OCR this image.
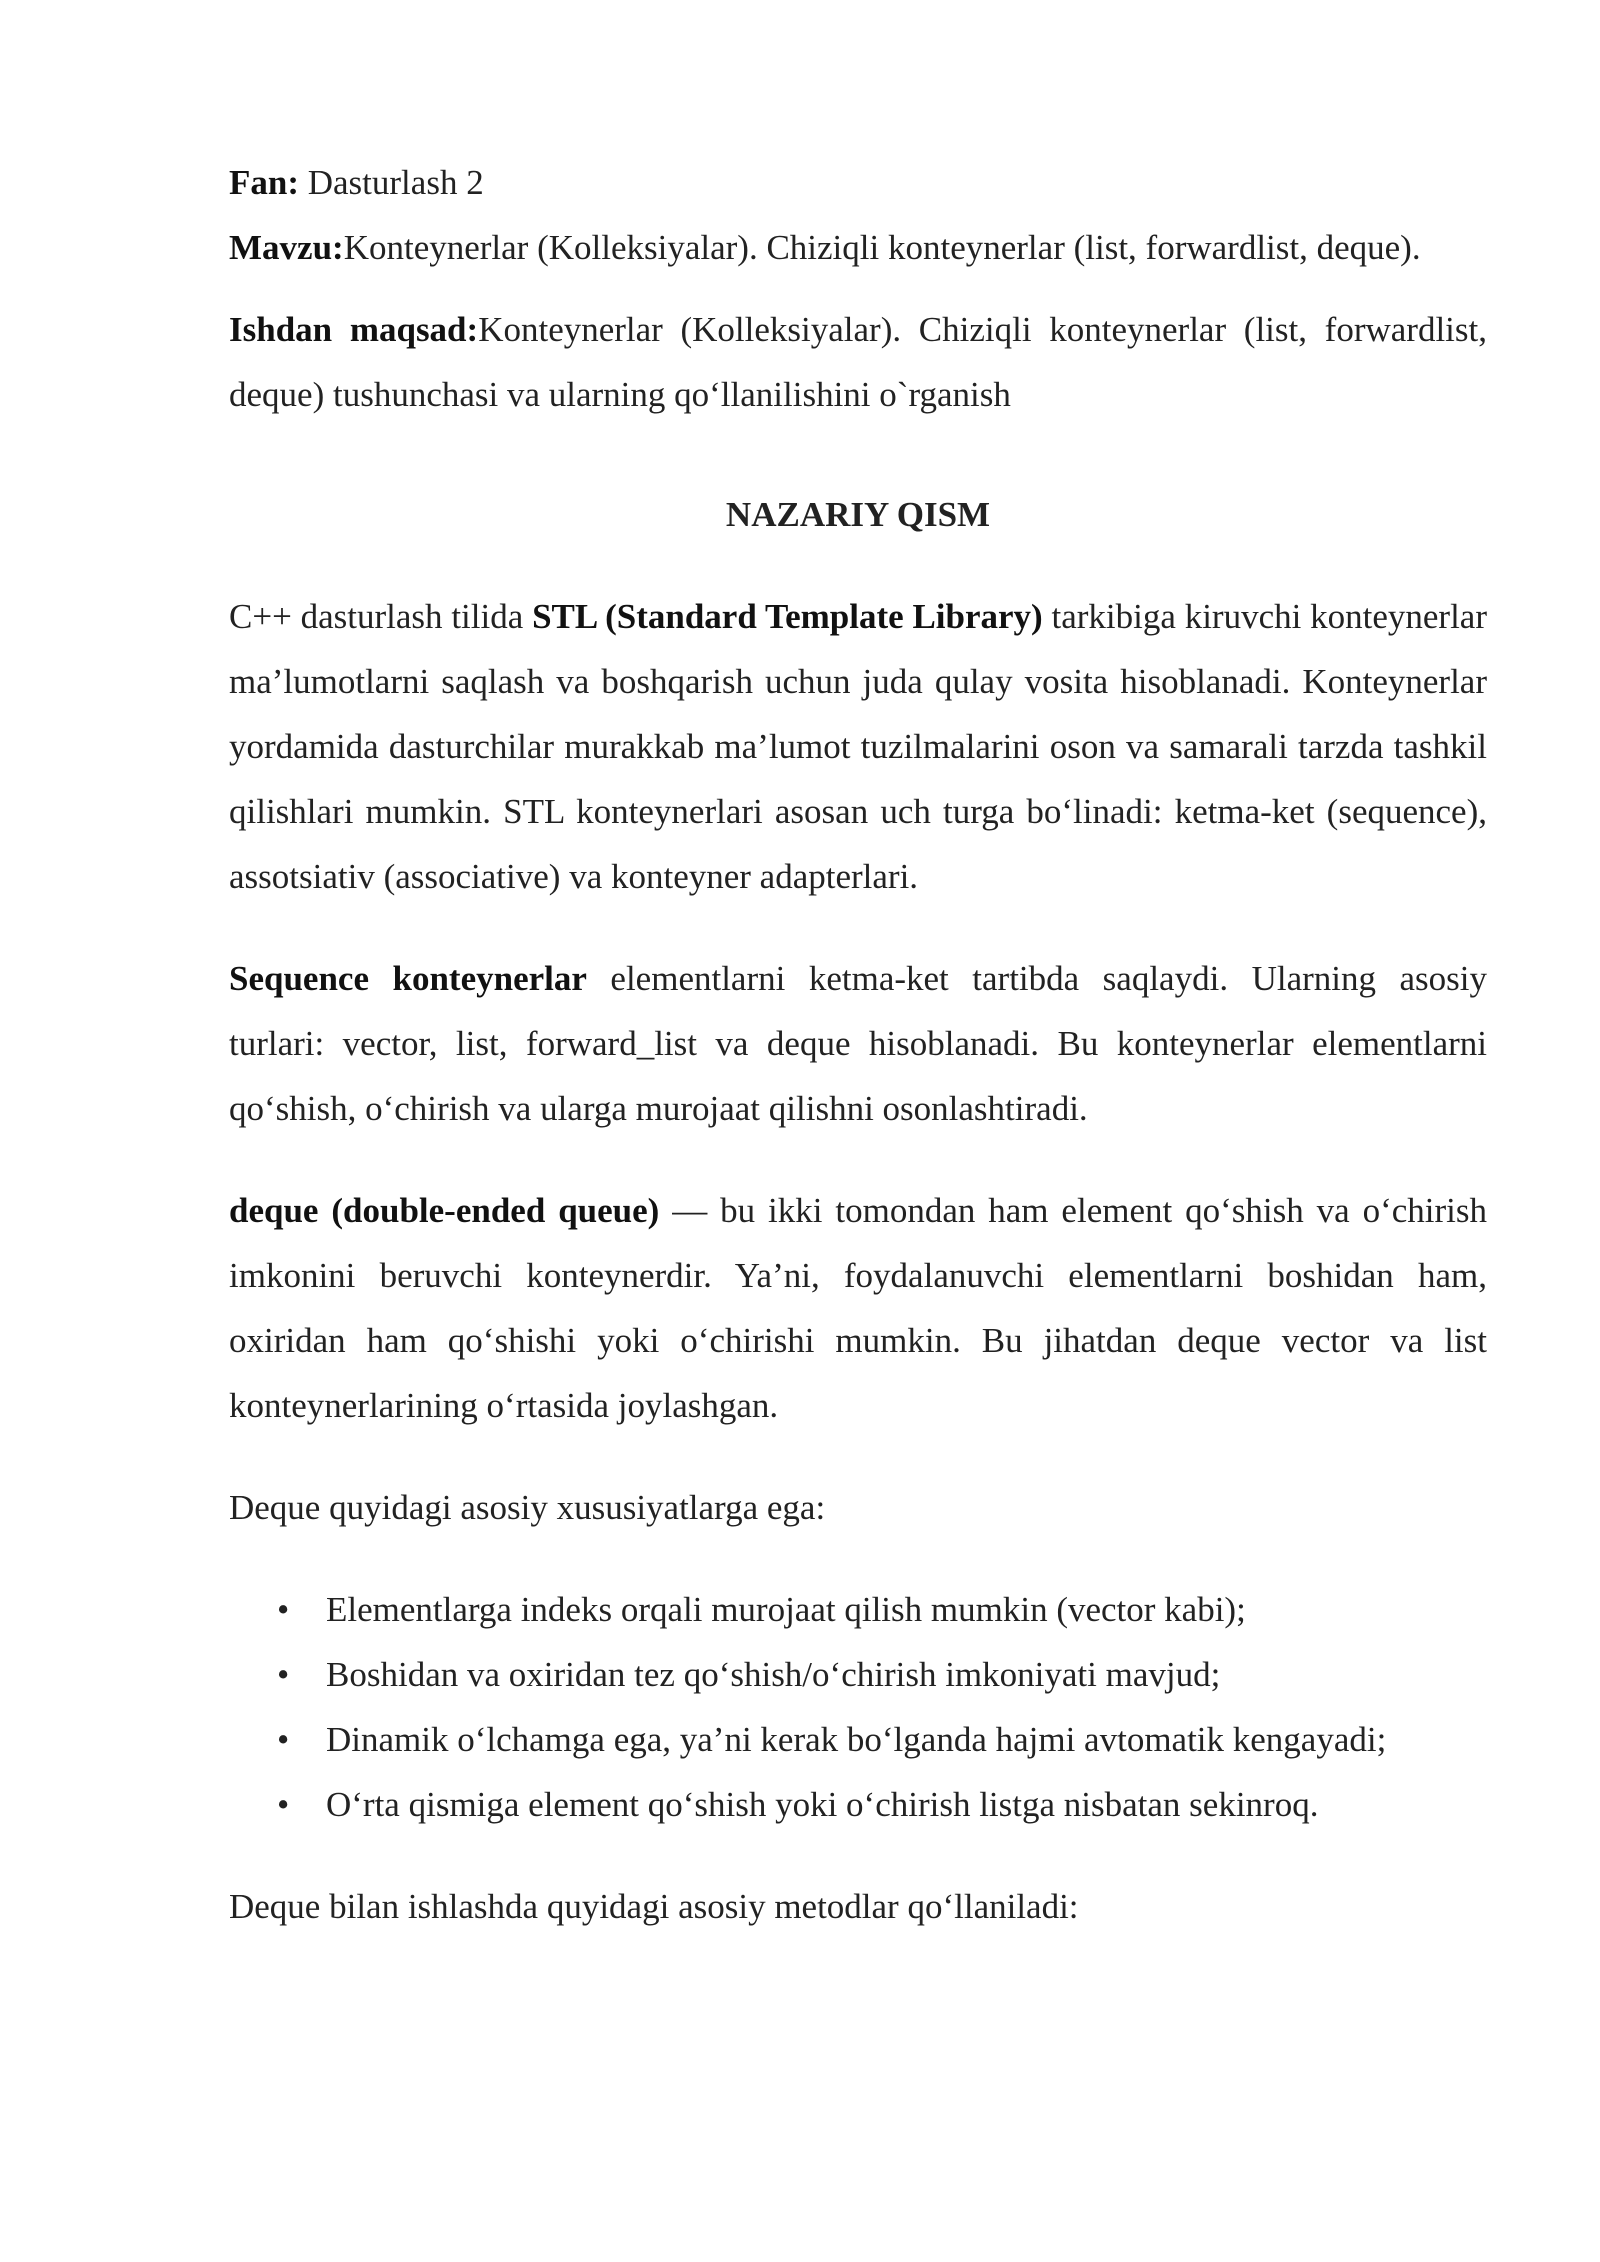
Fan: Dasturlash 2

Mavzu:Konteynerlar (Kolleksiyalar). Chiziqli konteynerlar (list, forwardlist, deque).

Ishdan maqsad:Konteynerlar (Kolleksiyalar). Chiziqli konteynerlar (list, forwardlist, deque) tushunchasi va ularning qo‘llanilishini o`rganish

NAZARIY QISM

C++ dasturlash tilida STL (Standard Template Library) tarkibiga kiruvchi konteynerlar ma’lumotlarni saqlash va boshqarish uchun juda qulay vosita hisoblanadi. Konteynerlar yordamida dasturchilar murakkab ma’lumot tuzilmalarini oson va samarali tarzda tashkil qilishlari mumkin. STL konteynerlari asosan uch turga bo‘linadi: ketma-ket (sequence), assotsiativ (associative) va konteyner adapterlari.

Sequence konteynerlar elementlarni ketma-ket tartibda saqlaydi. Ularning asosiy turlari: vector, list, forward_list va deque hisoblanadi. Bu konteynerlar elementlarni qo‘shish, o‘chirish va ularga murojaat qilishni osonlashtiradi.

deque (double-ended queue) — bu ikki tomondan ham element qo‘shish va o‘chirish imkonini beruvchi konteynerdir. Ya’ni, foydalanuvchi elementlarni boshidan ham, oxiridan ham qo‘shishi yoki o‘chirishi mumkin. Bu jihatdan deque vector va list konteynerlarining o‘rtasida joylashgan.

Deque quyidagi asosiy xususiyatlarga ega:

• Elementlarga indeks orqali murojaat qilish mumkin (vector kabi);
• Boshidan va oxiridan tez qo‘shish/o‘chirish imkoniyati mavjud;
• Dinamik o‘lchamga ega, ya’ni kerak bo‘lganda hajmi avtomatik kengayadi;
• O‘rta qismiga element qo‘shish yoki o‘chirish listga nisbatan sekinroq.

Deque bilan ishlashda quyidagi asosiy metodlar qo‘llaniladi:
